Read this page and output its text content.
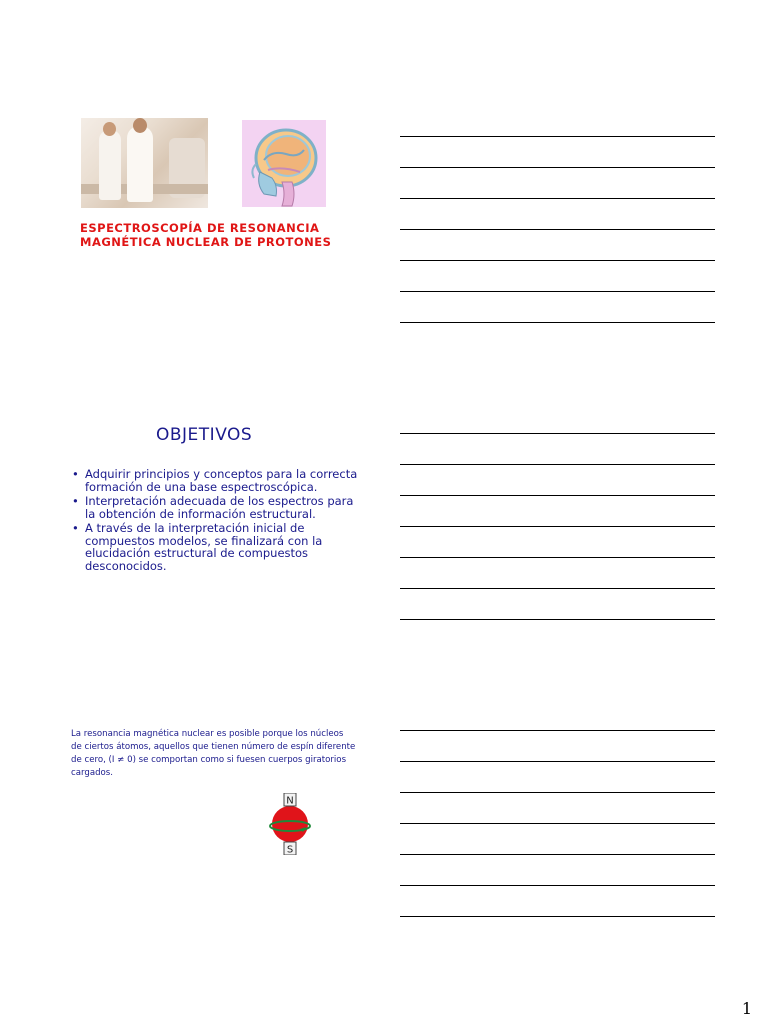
ESPECTROSCOPÍA DE RESONANCIA
MAGNÉTICA NUCLEAR DE PROTONES
OBJETIVOS
• Adquirir principios y conceptos para la correcta formación de una base espectroscópica.
• Interpretación adecuada de los espectros para la obtención de información estructural.
• A través de la interpretación inicial de compuestos modelos, se finalizará con la elucidación estructural de compuestos desconocidos.
La resonancia magnética nuclear es posible porque los núcleos de ciertos átomos, aquellos que tienen número de espín diferente de cero, (I ≠ 0) se comportan como si fuesen cuerpos giratorios cargados.
N
S
1
